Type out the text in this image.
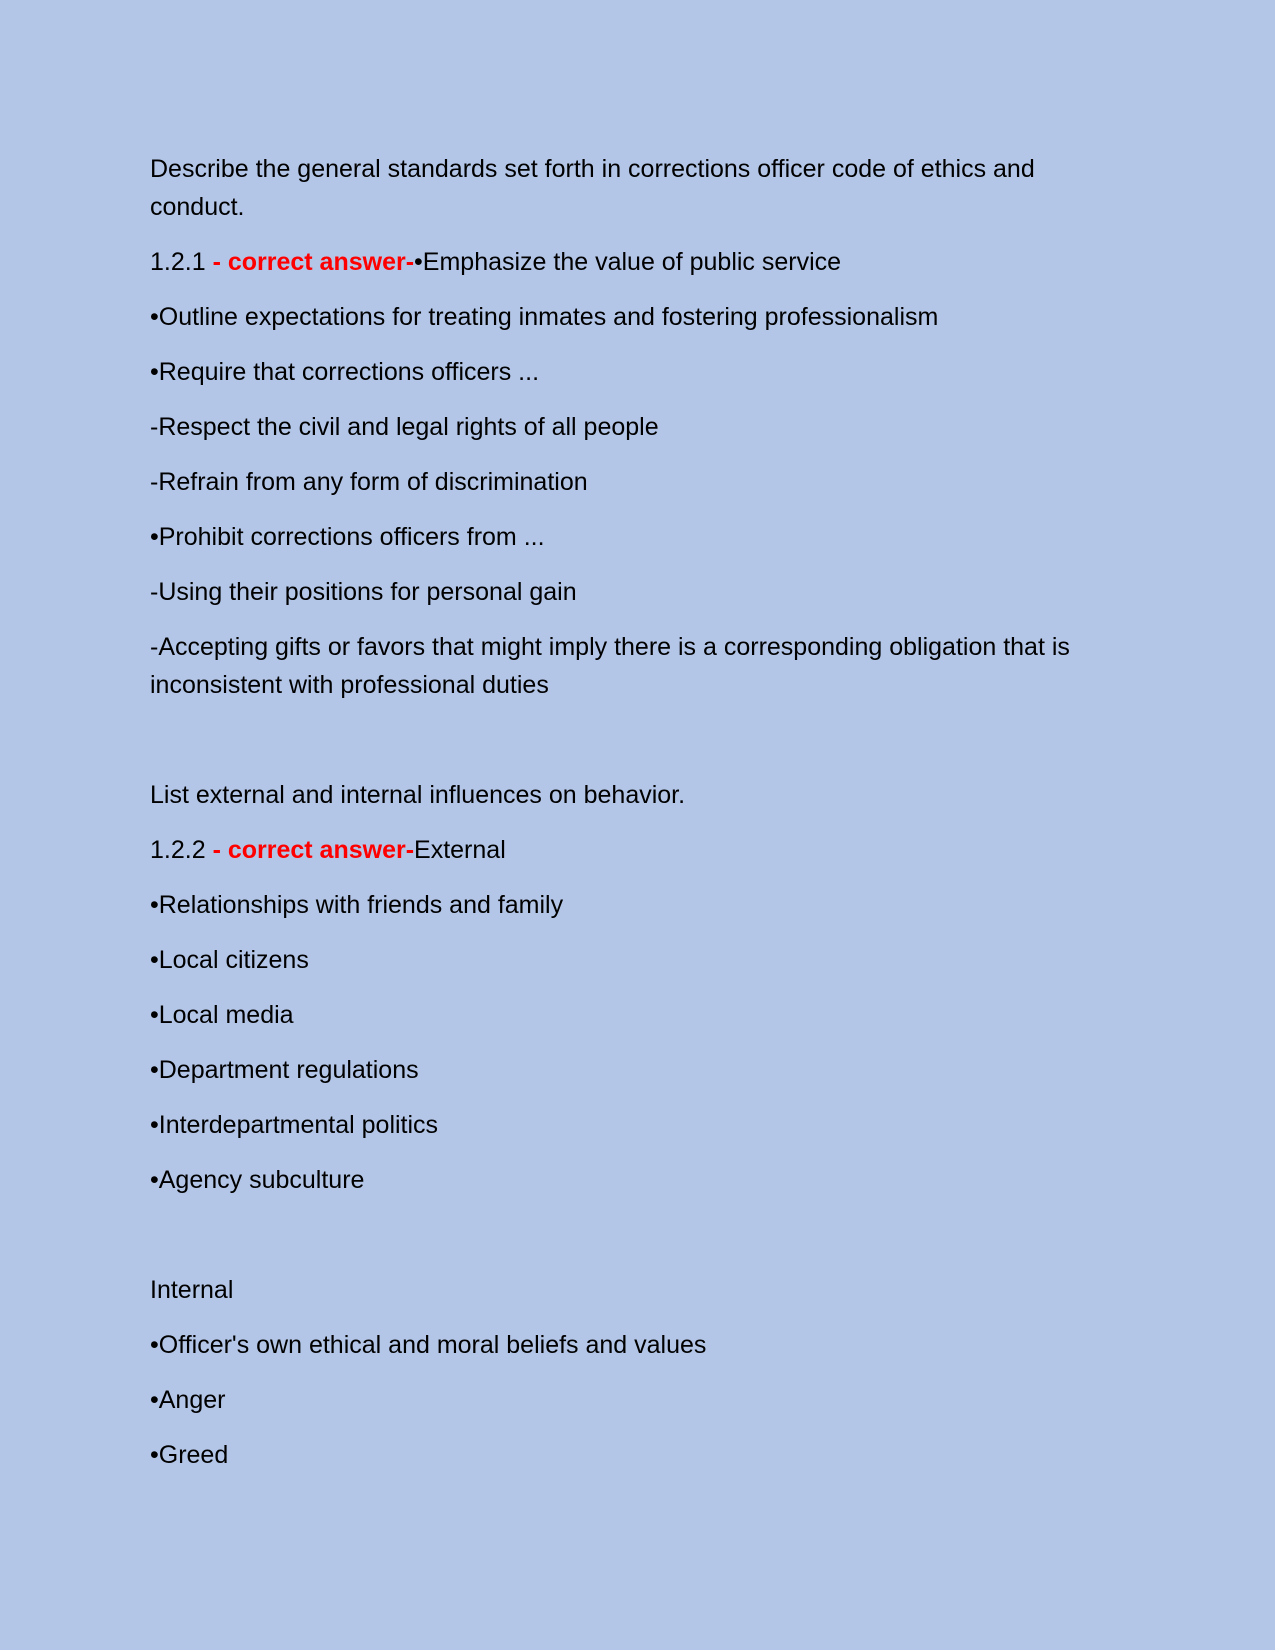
Describe the general standards set forth in corrections officer code of ethics and conduct.

1.2.1 - correct answer-•Emphasize the value of public service

•Outline expectations for treating inmates and fostering professionalism

•Require that corrections officers ...

-Respect the civil and legal rights of all people

-Refrain from any form of discrimination

•Prohibit corrections officers from ...

-Using their positions for personal gain

-Accepting gifts or favors that might imply there is a corresponding obligation that is inconsistent with professional duties

List external and internal influences on behavior.

1.2.2 - correct answer-External

•Relationships with friends and family

•Local citizens

•Local media

•Department regulations

•Interdepartmental politics

•Agency subculture

Internal

•Officer's own ethical and moral beliefs and values

•Anger

•Greed
